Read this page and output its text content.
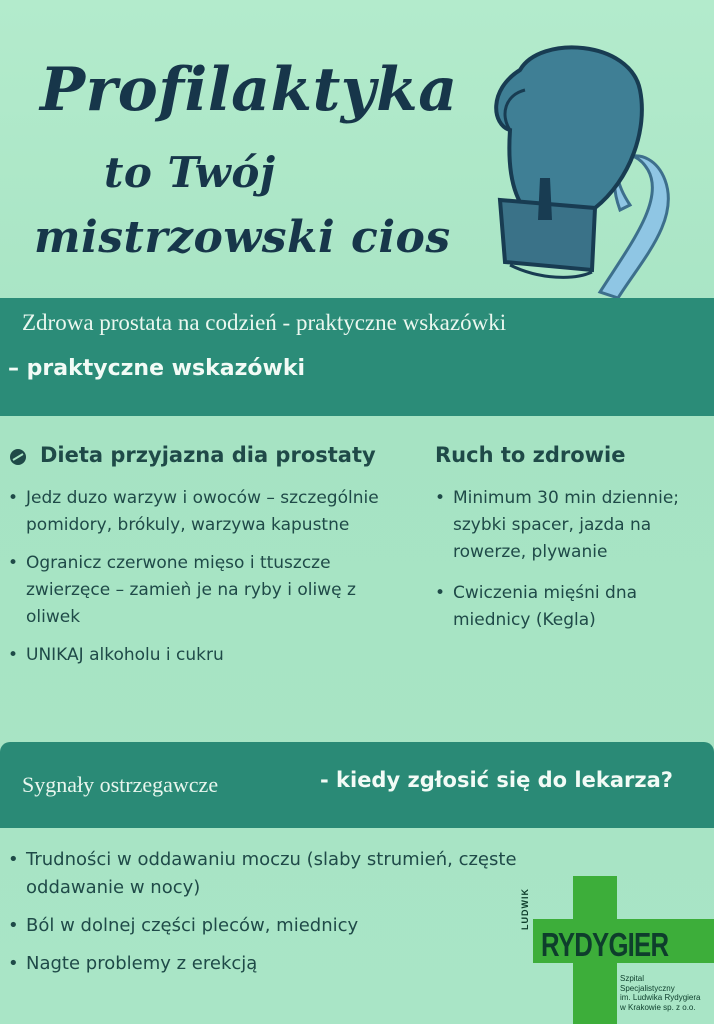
Profilaktyka
to Twój
mistrzowski cios
Zdrowa prostata na codzień - praktyczne wskazówki
– praktyczne wskazówki
Dieta przyjazna dia prostaty	Ruch to zdrowie
• Jedz duzo warzyw i owoców – szczególnie pomidory, brókuly, warzywa kapustne
• Ogranicz czerwone mięso i ttuszcze zwierzęce – zamieǹ je na ryby i oliwę z oliwek
• UNIKAJ alkoholu i cukru
• Minimum 30 min dziennie; szybki spacer, jazda na rowerze, plywanie
• Cwiczenia mięśni dna miednicy (Kegla)
Sygnały ostrzegawcze	- kiedy zgłosić się do lekarza?
• Trudności w oddawaniu moczu (slaby strumień, częste oddawanie w nocy)
• Ból w dolnej części pleców, miednicy
• Nagte problemy z erekcją
LUDWIK
RYDYGIER
Szpital
Specjalistyczny
im. Ludwika Rydygiera
w Krakowie sp. z o.o.
